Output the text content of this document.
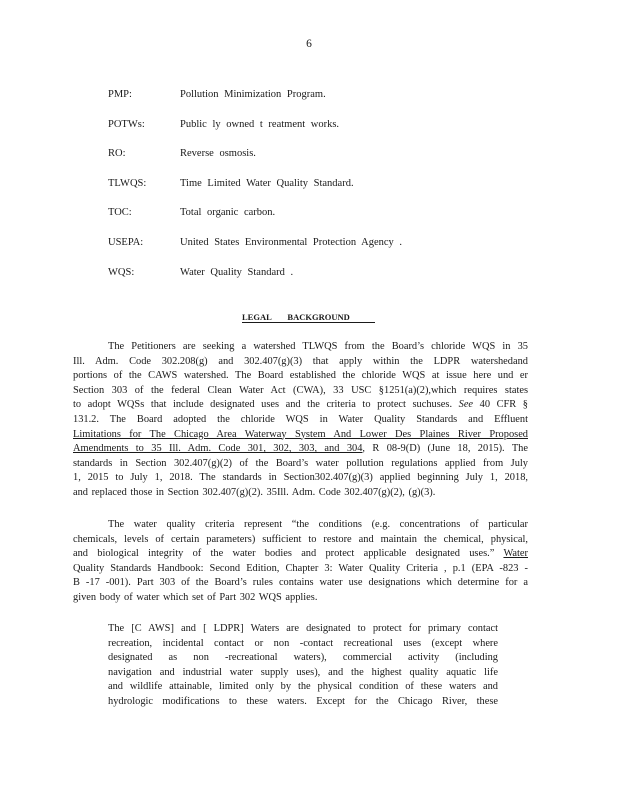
6
PMP:	Pollution Minimization Program.
POTWs:	Public ly owned t reatment works.
RO:	Reverse osmosis.
TLWQS:	Time Limited Water Quality Standard.
TOC:	Total organic carbon.
USEPA:	United States Environmental Protection Agency .
WQS:	Water Quality Standard .
LEGAL BACKGROUND
The Petitioners are seeking a watershed TLWQS from the Board’s chloride WQS in 35
Ill. Adm. Code 302.208(g) and 302.407(g)(3) that apply within the LDPR watershedand
portions of the CAWS watershed. The Board established the chloride WQS at issue here und er
Section 303 of the federal Clean Water Act (CWA), 33 USC §1251(a)(2),which requires states
to adopt WQSs that include designated uses and the criteria to protect suchuses. See 40 CFR §
131.2. The Board adopted the chloride WQS in Water Quality Standards and Effluent
Limitations for The Chicago Area Waterway System And Lower Des Plaines River Proposed
Amendments to 35 Ill. Adm. Code 301, 302, 303, and 304, R 08-9(D) (June 18, 2015). The
standards in Section 302.407(g)(2) of the Board’s water pollution regulations applied from July
1, 2015 to July 1, 2018. The standards in Section302.407(g)(3) applied beginning July 1, 2018,
and replaced those in Section 302.407(g)(2). 35Ill. Adm. Code 302.407(g)(2), (g)(3).
The water quality criteria represent “the conditions (e.g. concentrations of particular
chemicals, levels of certain parameters) sufficient to restore and maintain the chemical, physical,
and biological integrity of the water bodies and protect applicable designated uses.” Water
Quality Standards Handbook: Second Edition, Chapter 3: Water Quality Criteria , p.1 (EPA -823 -
B -17 -001). Part 303 of the Board’s rules contains water use designations which determine for a
given body of water which set of Part 302 WQS applies.
The [C AWS] and [ LDPR] Waters are designated to protect for primary contact
recreation, incidental contact or non -contact recreational uses (except where
designated as non -recreational waters), commercial activity (including
navigation and industrial water supply uses), and the highest quality aquatic life
and wildlife attainable, limited only by the physical condition of these waters and
hydrologic modifications to these waters. Except for the Chicago River, these
